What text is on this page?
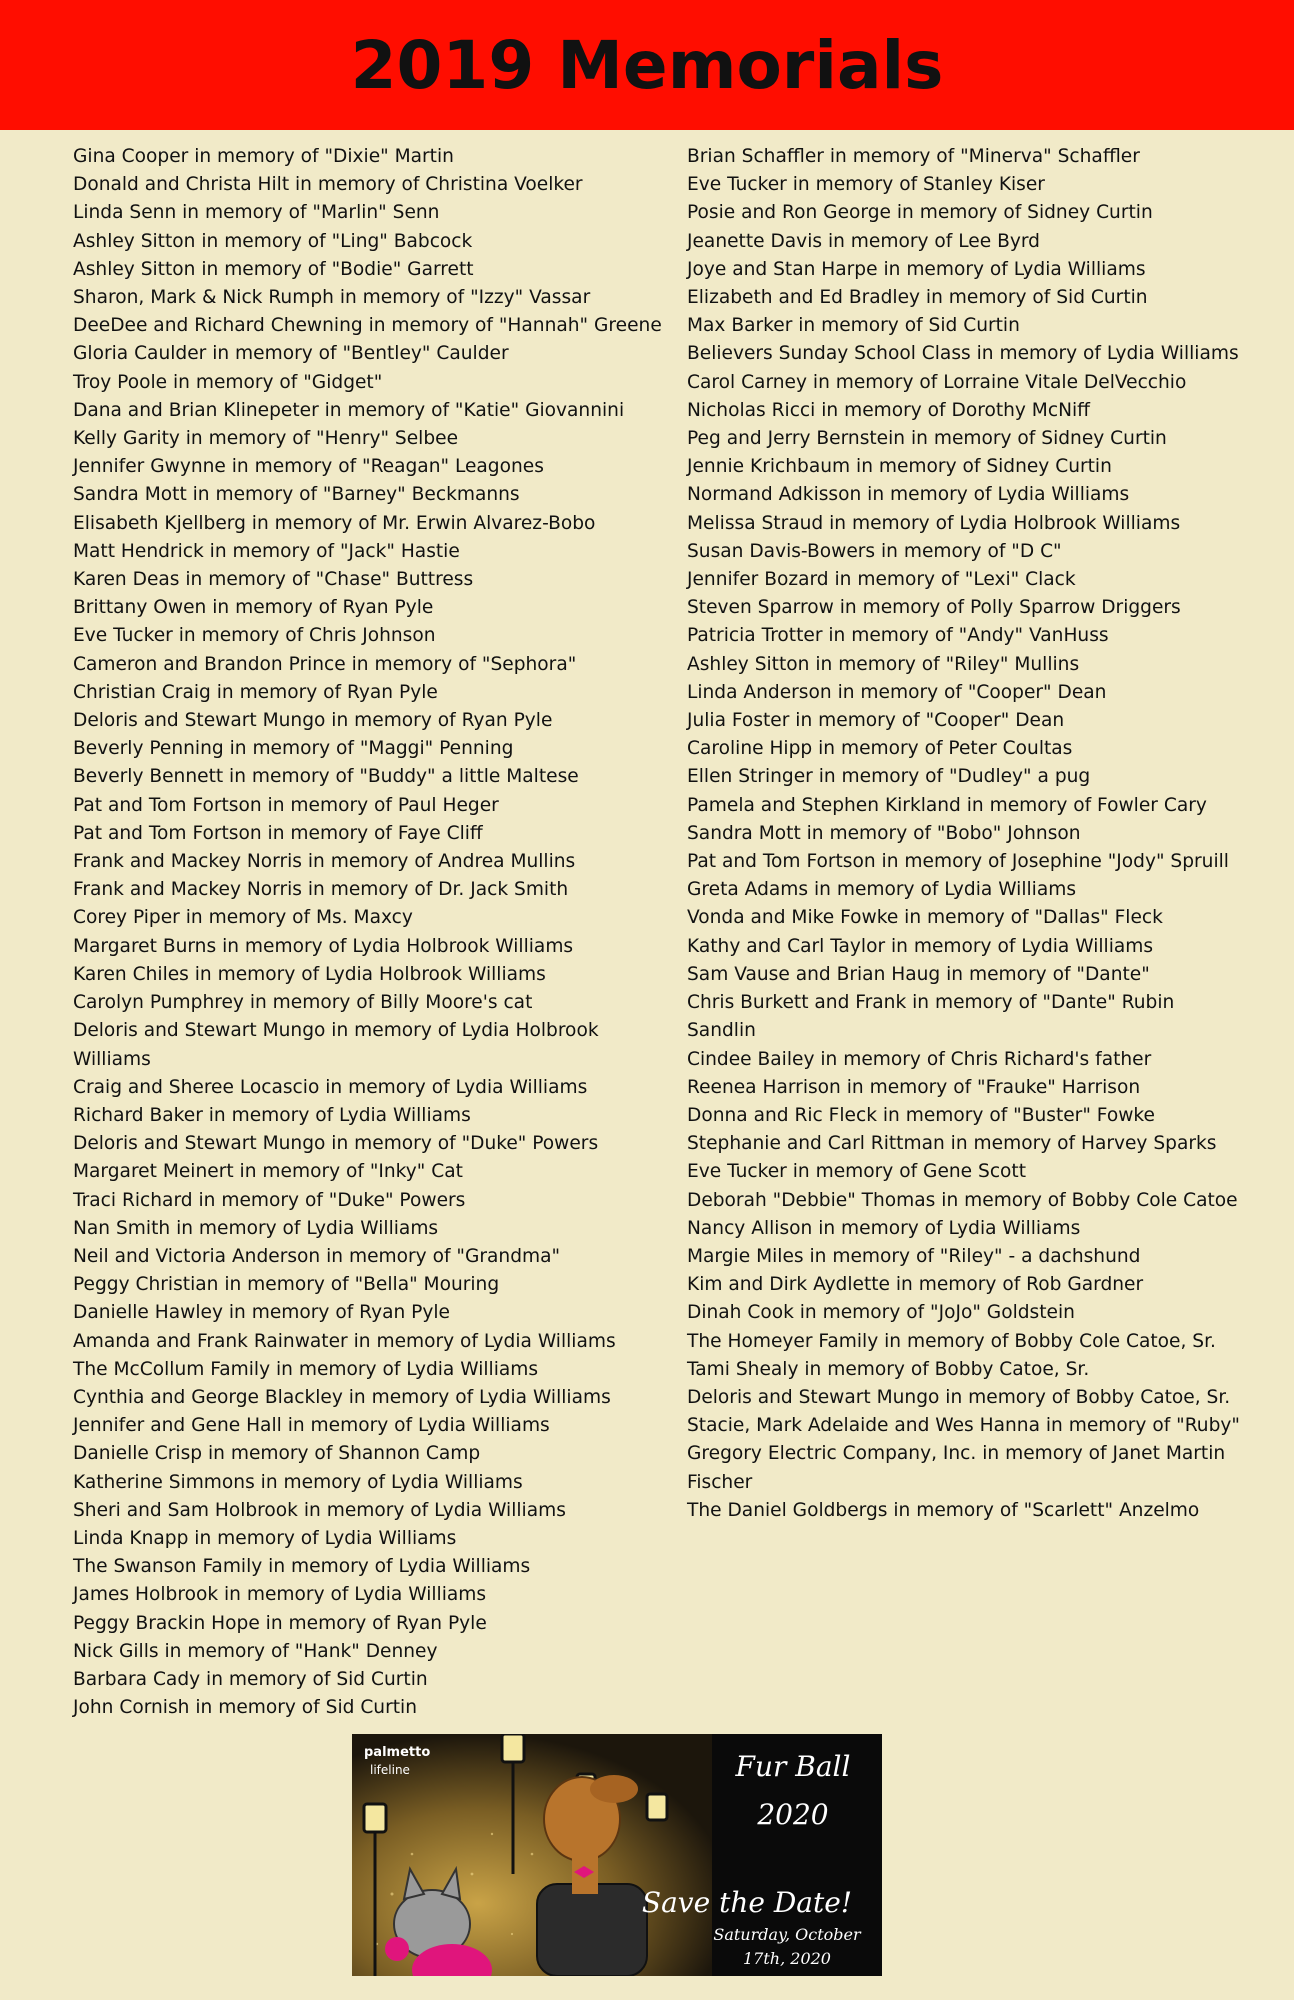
2019 Memorials

Gina Cooper in memory of "Dixie" Martin

Donald and Christa Hilt in memory of Christina Voelker

Linda Senn in memory of "Marlin" Senn

Ashley Sitton in memory of "Ling" Babcock

Ashley Sitton in memory of "Bodie" Garrett

Sharon, Mark & Nick Rumph in memory of "Izzy" Vassar

DeeDee and Richard Chewning in memory of "Hannah" Greene

Gloria Caulder in memory of "Bentley" Caulder

Troy Poole in memory of "Gidget"

Dana and Brian Klinepeter in memory of "Katie" Giovannini

Kelly Garity in memory of "Henry" Selbee

Jennifer Gwynne in memory of "Reagan" Leagones

Sandra Mott in memory of "Barney" Beckmanns

Elisabeth Kjellberg in memory of Mr. Erwin Alvarez-Bobo

Matt Hendrick in memory of "Jack" Hastie

Karen Deas in memory of "Chase" Buttress

Brittany Owen in memory of Ryan Pyle

Eve Tucker in memory of Chris Johnson

Cameron and Brandon Prince in memory of "Sephora"

Christian Craig in memory of Ryan Pyle

Deloris and Stewart Mungo in memory of Ryan Pyle

Beverly Penning in memory of "Maggi" Penning

Beverly Bennett in memory of "Buddy" a little Maltese

Pat and Tom Fortson in memory of Paul Heger

Pat and Tom Fortson in memory of Faye Cliff

Frank and Mackey Norris in memory of Andrea Mullins

Frank and Mackey Norris in memory of Dr. Jack Smith

Corey Piper in memory of Ms. Maxcy

Margaret Burns in memory of Lydia Holbrook Williams

Karen Chiles in memory of Lydia Holbrook Williams

Carolyn Pumphrey in memory of Billy Moore's cat

Deloris and Stewart Mungo in memory of Lydia Holbrook Williams

Craig and Sheree Locascio in memory of Lydia Williams

Richard Baker in memory of Lydia Williams

Deloris and Stewart Mungo in memory of "Duke" Powers

Margaret Meinert in memory of "Inky" Cat

Traci Richard in memory of "Duke" Powers

Nan Smith in memory of Lydia Williams

Neil and Victoria Anderson in memory of "Grandma"

Peggy Christian in memory of "Bella" Mouring

Danielle Hawley in memory of Ryan Pyle

Amanda and Frank Rainwater in memory of Lydia Williams

The McCollum Family in memory of Lydia Williams

Cynthia and George Blackley in memory of Lydia Williams

Jennifer and Gene Hall in memory of Lydia Williams

Danielle Crisp in memory of Shannon Camp

Katherine Simmons in memory of Lydia Williams

Sheri and Sam Holbrook in memory of Lydia Williams

Linda Knapp in memory of Lydia Williams

The Swanson Family in memory of Lydia Williams

James Holbrook in memory of Lydia Williams

Peggy Brackin Hope in memory of Ryan Pyle

Nick Gills in memory of "Hank" Denney

Barbara Cady in memory of Sid Curtin

John Cornish in memory of Sid Curtin

Brian Schaffler in memory of "Minerva" Schaffler

Eve Tucker in memory of Stanley Kiser

Posie and Ron George in memory of Sidney Curtin

Jeanette Davis in memory of Lee Byrd

Joye and Stan Harpe in memory of Lydia Williams

Elizabeth and Ed Bradley in memory of Sid Curtin

Max Barker in memory of Sid Curtin

Believers Sunday School Class in memory of Lydia Williams

Carol Carney in memory of Lorraine Vitale DelVecchio

Nicholas Ricci in memory of Dorothy McNiff

Peg and Jerry Bernstein in memory of Sidney Curtin

Jennie Krichbaum in memory of Sidney Curtin

Normand Adkisson in memory of Lydia Williams

Melissa Straud in memory of Lydia Holbrook Williams

Susan Davis-Bowers in memory of "D C"

Jennifer Bozard in memory of "Lexi" Clack

Steven Sparrow in memory of Polly Sparrow Driggers

Patricia Trotter in memory of "Andy" VanHuss

Ashley Sitton in memory of "Riley" Mullins

Linda Anderson in memory of "Cooper" Dean

Julia Foster in memory of "Cooper" Dean

Caroline Hipp in memory of Peter Coultas

Ellen Stringer in memory of "Dudley" a pug

Pamela and Stephen Kirkland in memory of Fowler Cary

Sandra Mott in memory of "Bobo" Johnson

Pat and Tom Fortson in memory of Josephine "Jody" Spruill

Greta Adams in memory of Lydia Williams

Vonda and Mike Fowke in memory of "Dallas" Fleck

Kathy and Carl Taylor in memory of Lydia Williams

Sam Vause and Brian Haug in memory of "Dante"

Chris Burkett and Frank in memory of "Dante" Rubin Sandlin

Cindee Bailey in memory of Chris Richard's father

Reenea Harrison in memory of "Frauke" Harrison

Donna and Ric Fleck in memory of "Buster" Fowke

Stephanie and Carl Rittman in memory of Harvey Sparks

Eve Tucker in memory of Gene Scott

Deborah "Debbie" Thomas in memory of Bobby Cole Catoe

Nancy Allison in memory of Lydia Williams

Margie Miles in memory of "Riley" - a dachshund

Kim and Dirk Aydlette in memory of Rob Gardner

Dinah Cook in memory of "JoJo" Goldstein

The Homeyer Family in memory of Bobby Cole Catoe, Sr.

Tami Shealy in memory of Bobby Catoe, Sr.

Deloris and Stewart Mungo in memory of Bobby Catoe, Sr.

Stacie, Mark Adelaide and Wes Hanna in memory of "Ruby"

Gregory Electric Company, Inc. in memory of Janet Martin Fischer

The Daniel Goldbergs in memory of "Scarlett" Anzelmo

palmetto
lifeline	Fur Ball
2020
Save the Date!
Saturday, October
17th, 2020
